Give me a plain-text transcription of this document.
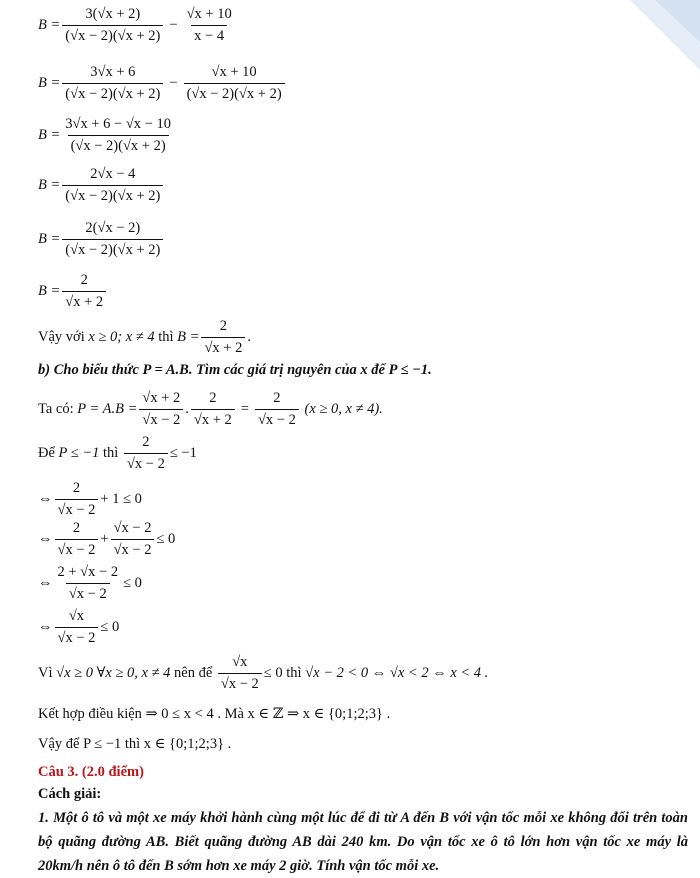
$B = \frac{3(√x + 2)}{(√x - 2)(√x + 2)} - \frac{√x + 10}{x - 4}$
$B = \frac{3√x + 6}{(√x - 2)(√x + 2)} - \frac{√x + 10}{(√x - 2)(√x + 2)}$
$B = \frac{3√x + 6 - √x - 10}{(√x - 2)(√x + 2)}$
$B = \frac{2√x - 4}{(√x - 2)(√x + 2)}$
$B = \frac{2(√x - 2)}{(√x - 2)(√x + 2)}$
$B = \frac{2}{√x + 2}$
Vậy với
x ≥ 0; x ≠ 4
thì
$B = \frac{2}{√x + 2}$ .
b) Cho biểu thức P = A.B. Tìm các giá trị nguyên của x để P ≤ −1.
Ta có:
$P = A.B = \frac{√x + 2}{√x - 2}$ . $\frac{2}{√x + 2} = \frac{2}{√x - 2}$
(x ≥ 0, x ≠ 4).
Để
P ≤ −1
thì
$\frac{2}{√x - 2} \le -1$
⇔ $\frac{2}{√x - 2} + 1 \le 0$
⇔ $\frac{2}{√x - 2} + \frac{√x - 2}{√x - 2} \le 0$
⇔ $\frac{2 + √x - 2}{√x - 2} \le 0$
⇔ $\frac{√x}{√x - 2} \le 0$
Vì
√x ≥ 0 ∀x ≥ 0, x ≠ 4
nên để
$\frac{√x}{√x - 2} \le 0$
thì
√x − 2 < 0 ⇔ √x < 2 ⇔ x < 4 .
Kết hợp điều kiện ⇒ 0 ≤ x < 4 . Mà x ∈ ℤ ⇒ x ∈ {0;1;2;3} .
Vậy để P ≤ −1 thì x ∈ {0;1;2;3} .
Câu 3. (2.0 điểm)
Cách giải:
1. Một ô tô và một xe máy khởi hành cùng một lúc để đi từ A đến B với vận tốc mỗi xe không đổi trên toàn bộ quãng đường AB. Biết quãng đường AB dài 240 km. Do vận tốc xe ô tô lớn hơn vận tốc xe máy là 20km/h nên ô tô đến B sớm hơn xe máy 2 giờ. Tính vận tốc mỗi xe.
